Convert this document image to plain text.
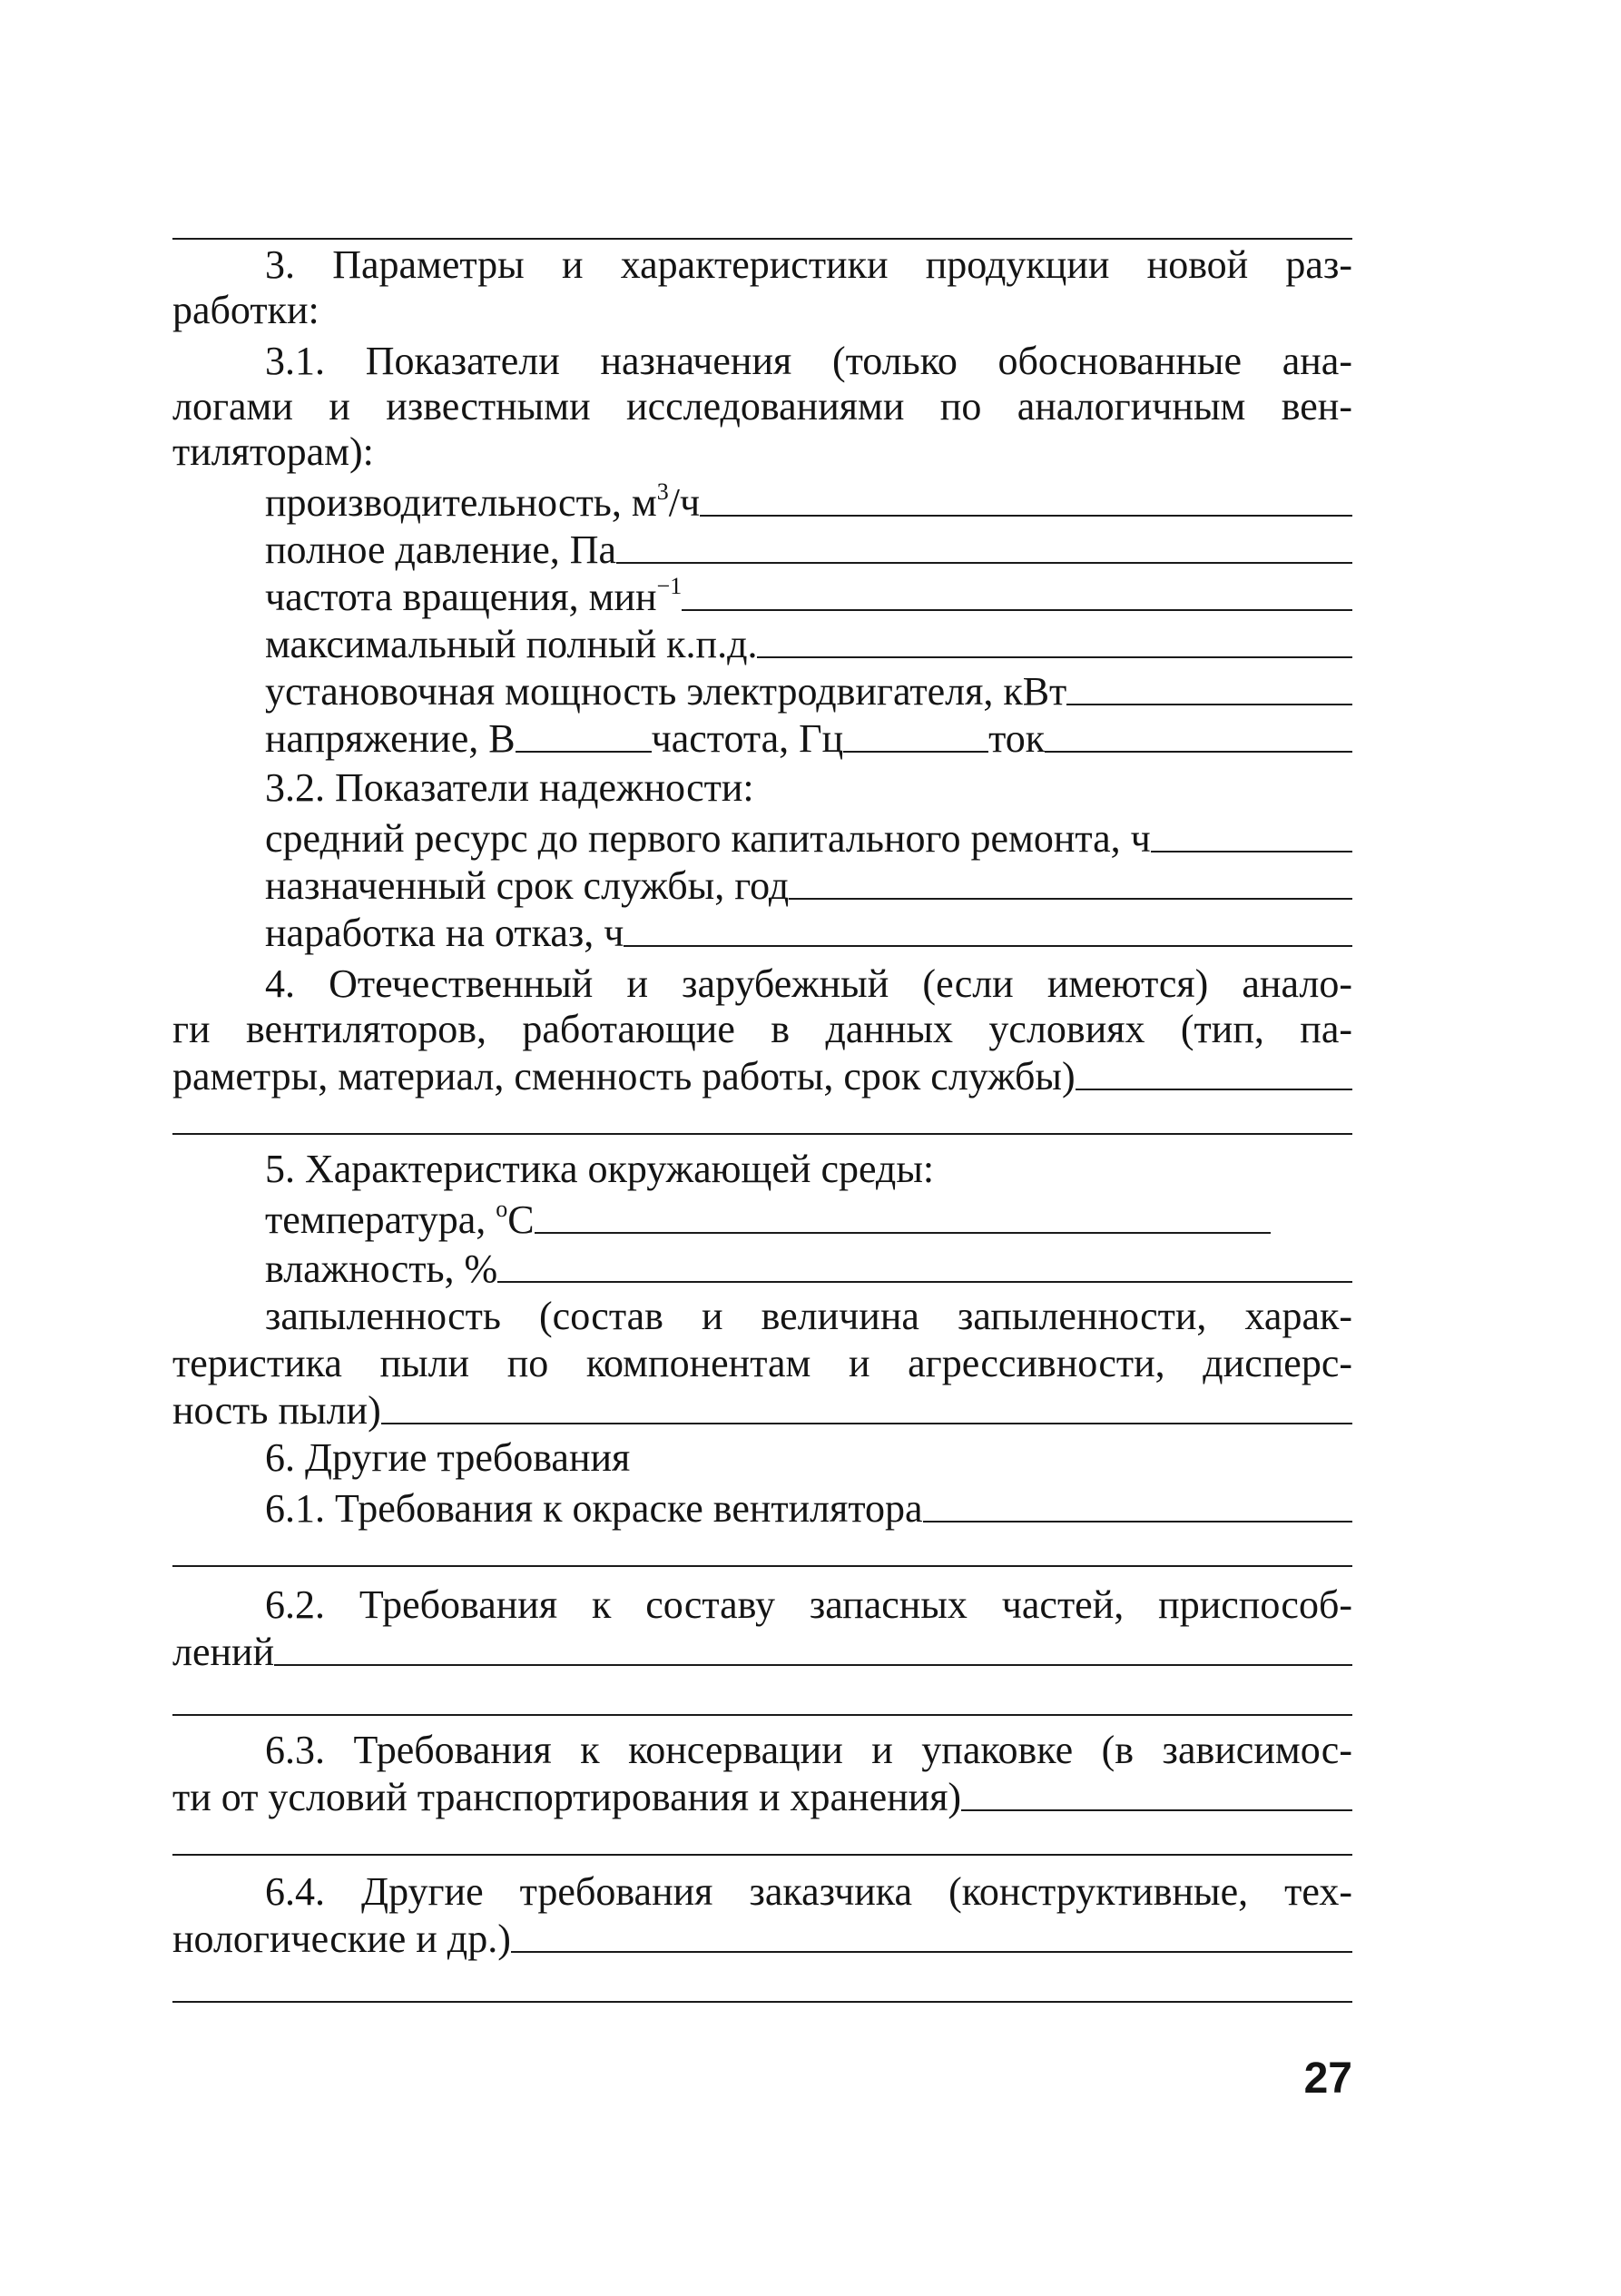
3. Параметры и характеристики продукции новой раз-
работки:
3.1. Показатели назначения (только обоснованные ана-
логами и известными исследованиями по аналогичным вен-
тиляторам):
производительность, $м^3/ч$
полное давление, Па
частота вращения, мин$^{-1}$
максимальный полный к.п.д.
установочная мощность электродвигателя, кВт
напряжение, В	частота, Гц	ток
3.2. Показатели надежности:
средний ресурс до первого капитального ремонта, ч
назначенный срок службы, год
наработка на отказ, ч
4. Отечественный и зарубежный (если имеются) анало-
ги вентиляторов, работающие в данных условиях (тип, па-
раметры, материал, сменность работы, срок службы)
5. Характеристика окружающей среды:
температура, $^о$С
влажность, %
запыленность (состав и величина запыленности, харак-
теристика пыли по компонентам и агрессивности, дисперс-
ность пыли)
6. Другие требования
6.1. Требования к окраске вентилятора
6.2. Требования к составу запасных частей, приспособ-
лений
6.3. Требования к консервации и упаковке (в зависимос-
ти от условий транспортирования и хранения)
6.4. Другие требования заказчика (конструктивные, тех-
нологические и др.)
27
